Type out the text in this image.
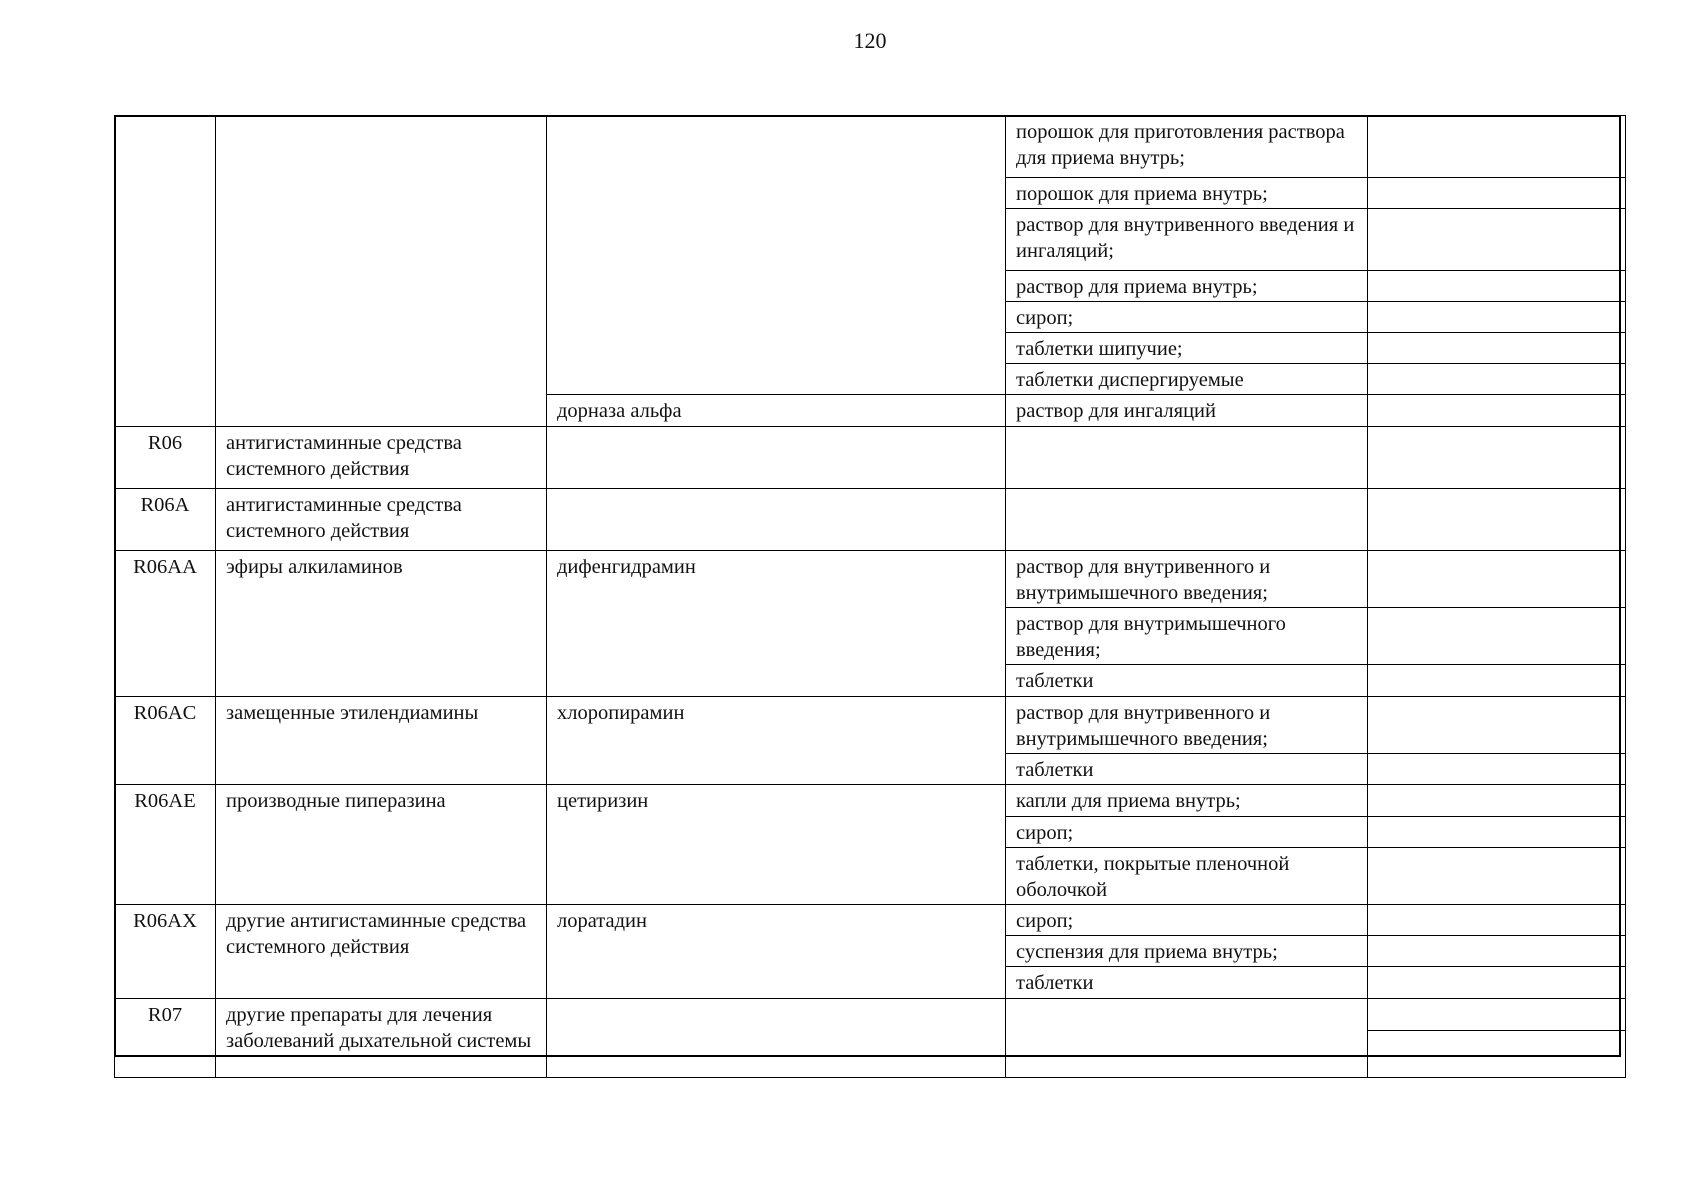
120
			порошок для приготовления раствора для приема внутрь;	
			порошок для приема внутрь;	
			раствор для внутривенного введения и ингаляций;	
			раствор для приема внутрь;	
			сироп;	
			таблетки шипучие;	
			таблетки диспергируемые	
		дорназа альфа	раствор для ингаляций	
R06	антигистаминные средства системного действия			
R06A	антигистаминные средства системного действия			
R06AA	эфиры алкиламинов	дифенгидрамин	раствор для внутривенного и внутримышечного введения;	
			раствор для внутримышечного введения;	
			таблетки	
R06AC	замещенные этилендиамины	хлоропирамин	раствор для внутривенного и внутримышечного введения;	
			таблетки	
R06AE	производные пиперазина	цетиризин	капли для приема внутрь;	
			сироп;	
			таблетки, покрытые пленочной оболочкой	
R06AX	другие антигистаминные средства системного действия	лоратадин	сироп;	
			суспензия для приема внутрь;	
			таблетки	
R07	другие препараты для лечения заболеваний дыхательной системы			
